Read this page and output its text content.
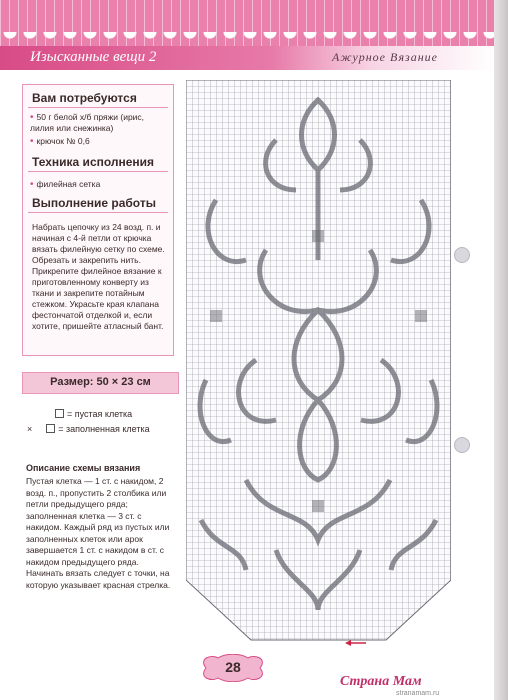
Изысканные вещи 2	Ажурное Вязание
Вам потребуются
• 50 г белой х/б пряжи (ирис, лилия или снежинка)
• крючок № 0,6
Техника исполнения
• филейная сетка
Выполнение работы
Набрать цепочку из 24 возд. п. и начиная с 4-й петли от крючка вязать филейную сетку по схеме. Обрезать и закрепить нить. Прикрепите филейное вязание к приготовленному конверту из ткани и закрепите потайным стежком. Украсьте края клапана фестончатой отделкой и, если хотите, пришейте атласный бант.
Размер: 50 × 23 см
= пустая клетка
×	= заполненная клетка
Описание схемы вязания
Пустая клетка — 1 ст. с накидом, 2 возд. п., пропустить 2 столбика или петли предыдущего ряда; заполненная клетка — 3 ст. с накидом. Каждый ряд из пустых или заполненных клеток или арок завершается 1 ст. с накидом в ст. с накидом предыдущего ряда. Начинать вязать следует с точки, на которую указывает красная стрелка.
28
Страна Мам
stranamam.ru
